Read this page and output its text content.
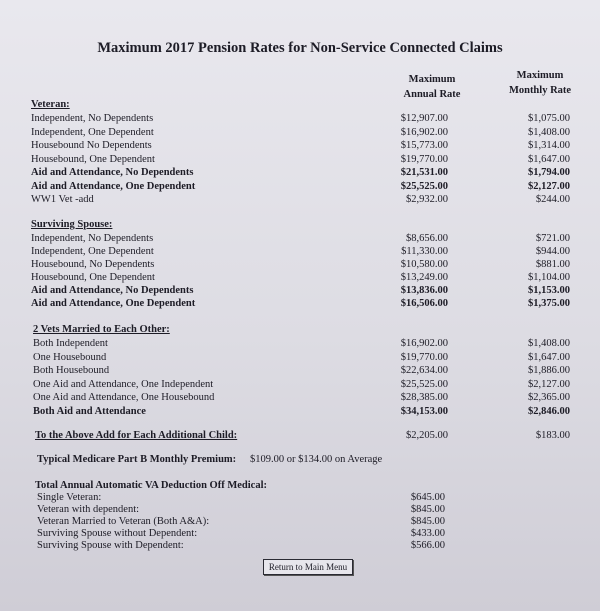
Maximum 2017 Pension Rates for Non-Service Connected Claims
Maximum
Annual Rate
Maximum
Monthly Rate
Veteran:
Independent, No Dependents	$12,907.00	$1,075.00
Independent, One Dependent	$16,902.00	$1,408.00
Housebound No Dependents	$15,773.00	$1,314.00
Housebound, One Dependent	$19,770.00	$1,647.00
Aid and Attendance, No Dependents	$21,531.00	$1,794.00
Aid and Attendance, One Dependent	$25,525.00	$2,127.00
WW1 Vet -add	$2,932.00	$244.00
Surviving Spouse:
Independent, No Dependents	$8,656.00	$721.00
Independent, One Dependent	$11,330.00	$944.00
Housebound, No Dependents	$10,580.00	$881.00
Housebound, One Dependent	$13,249.00	$1,104.00
Aid and Attendance, No Dependents	$13,836.00	$1,153.00
Aid and Attendance, One Dependent	$16,506.00	$1,375.00
2 Vets Married to Each Other:
Both Independent	$16,902.00	$1,408.00
One Housebound	$19,770.00	$1,647.00
Both Housebound	$22,634.00	$1,886.00
One Aid and Attendance, One Independent	$25,525.00	$2,127.00
One Aid and Attendance, One Housebound	$28,385.00	$2,365.00
Both Aid and Attendance	$34,153.00	$2,846.00
To the Above Add for Each Additional Child:	$2,205.00	$183.00
Typical Medicare Part B Monthly Premium: $109.00 or $134.00 on Average
Total Annual Automatic VA Deduction Off Medical:
Single Veteran:	$645.00
Veteran with dependent:	$845.00
Veteran Married to Veteran (Both A&A):	$845.00
Surviving Spouse without Dependent:	$433.00
Surviving Spouse with Dependent:	$566.00
Return to Main Menu
